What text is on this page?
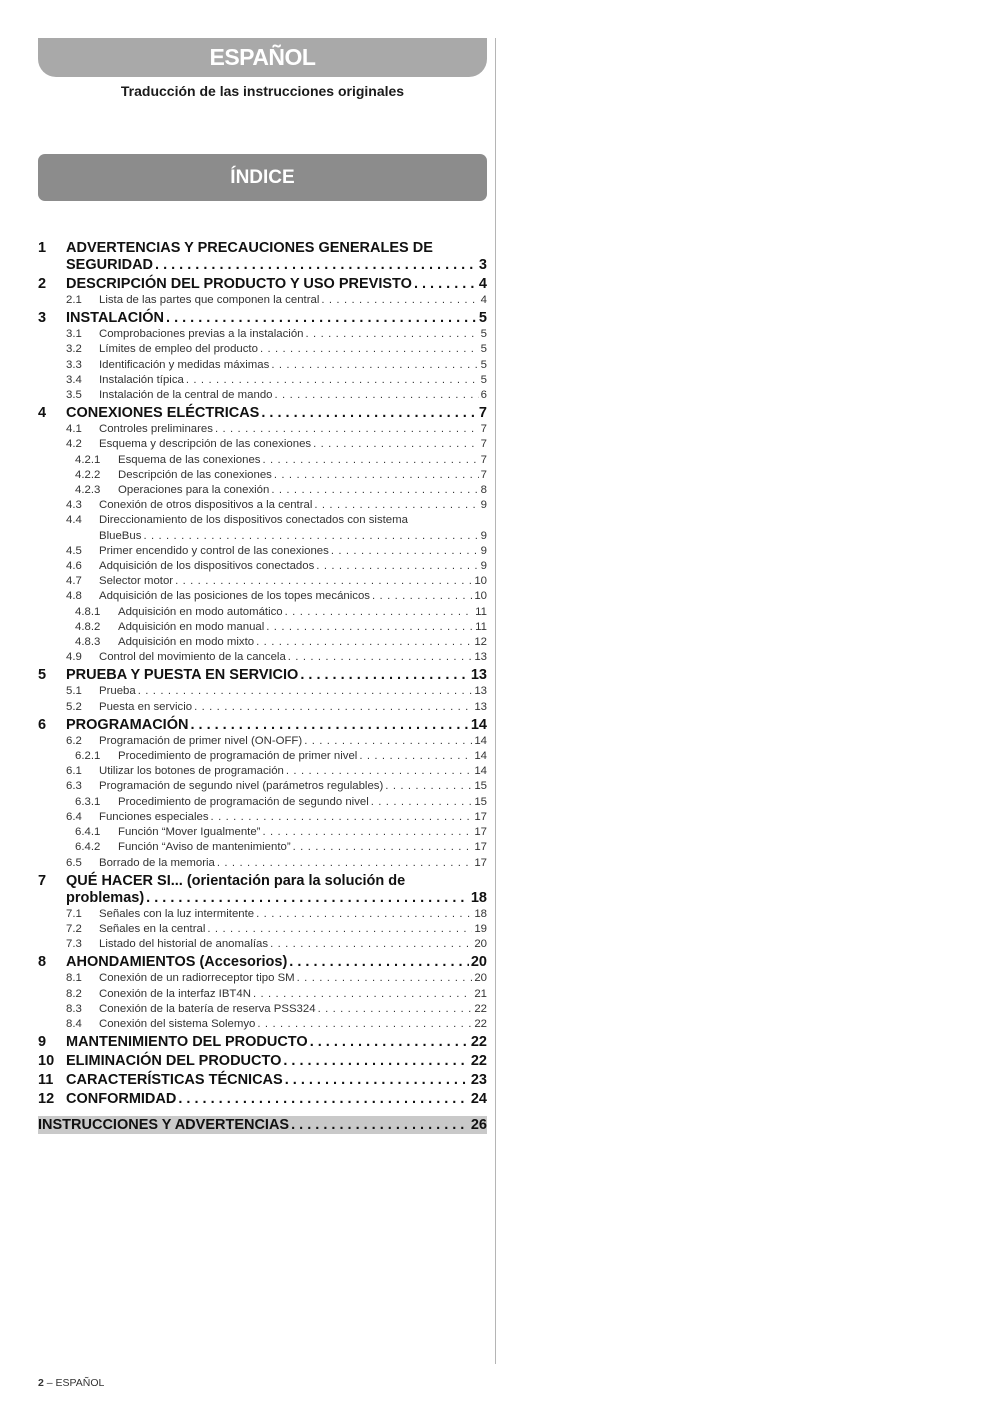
ESPAÑOL
Traducción de las instrucciones originales
ÍNDICE
1	ADVERTENCIAS Y PRECAUCIONES GENERALES DE
SEGURIDAD . . .	3
2	DESCRIPCIÓN DEL PRODUCTO Y USO PREVISTO . . .	4
2.1	Lista de las partes que componen la central . . .	4
3	INSTALACIÓN . . .	5
3.1	Comprobaciones previas a la instalación . . .	5
3.2	Límites de empleo del producto . . .	5
3.3	Identificación y medidas máximas . . .	5
3.4	Instalación típica . . .	5
3.5	Instalación de la central de mando . . .	6
4	CONEXIONES ELÉCTRICAS . . .	7
4.1	Controles preliminares . . .	7
4.2	Esquema y descripción de las conexiones . . .	7
4.2.1	Esquema de las conexiones . . .	7
4.2.2	Descripción de las conexiones . . .	7
4.2.3	Operaciones para la conexión . . .	8
4.3	Conexión de otros dispositivos a la central . . .	9
4.4	Direccionamiento de los dispositivos conectados con sistema
BlueBus . . .	9
4.5	Primer encendido y control de las conexiones . . .	9
4.6	Adquisición de los dispositivos conectados . . .	9
4.7	Selector motor . . .	10
4.8	Adquisición de las posiciones de los topes mecánicos . . .	10
4.8.1	Adquisición en modo automático . . .	11
4.8.2	Adquisición en modo manual . . .	11
4.8.3	Adquisición en modo mixto . . .	12
4.9	Control del movimiento de la cancela . . .	13
5	PRUEBA Y PUESTA EN SERVICIO . . .	13
5.1	Prueba . . .	13
5.2	Puesta en servicio . . .	13
6	PROGRAMACIÓN . . .	14
6.2	Programación de primer nivel (ON-OFF) . . .	14
6.2.1	Procedimiento de programación de primer nivel . . .	14
6.1	Utilizar los botones de programación . . .	14
6.3	Programación de segundo nivel (parámetros regulables) . . .	15
6.3.1	Procedimiento de programación de segundo nivel . . .	15
6.4	Funciones especiales . . .	17
6.4.1	Función “Mover Igualmente” . . .	17
6.4.2	Función “Aviso de mantenimiento” . . .	17
6.5	Borrado de la memoria . . .	17
7	QUÉ HACER SI... (orientación para la solución de
problemas) . . .	18
7.1	Señales con la luz intermitente . . .	18
7.2	Señales en la central . . .	19
7.3	Listado del historial de anomalías . . .	20
8	AHONDAMIENTOS (Accesorios) . . .	20
8.1	Conexión de un radiorreceptor tipo SM . . .	20
8.2	Conexión de la interfaz IBT4N . . .	21
8.3	Conexión de la batería de reserva PSS324 . . .	22
8.4	Conexión del sistema Solemyo . . .	22
9	MANTENIMIENTO DEL PRODUCTO . . .	22
10 ELIMINACIÓN DEL PRODUCTO . . .	22
11 CARACTERÍSTICAS TÉCNICAS . . .	23
12 CONFORMIDAD . . .	24
INSTRUCCIONES Y ADVERTENCIAS . . .	26
2 – ESPAÑOL
